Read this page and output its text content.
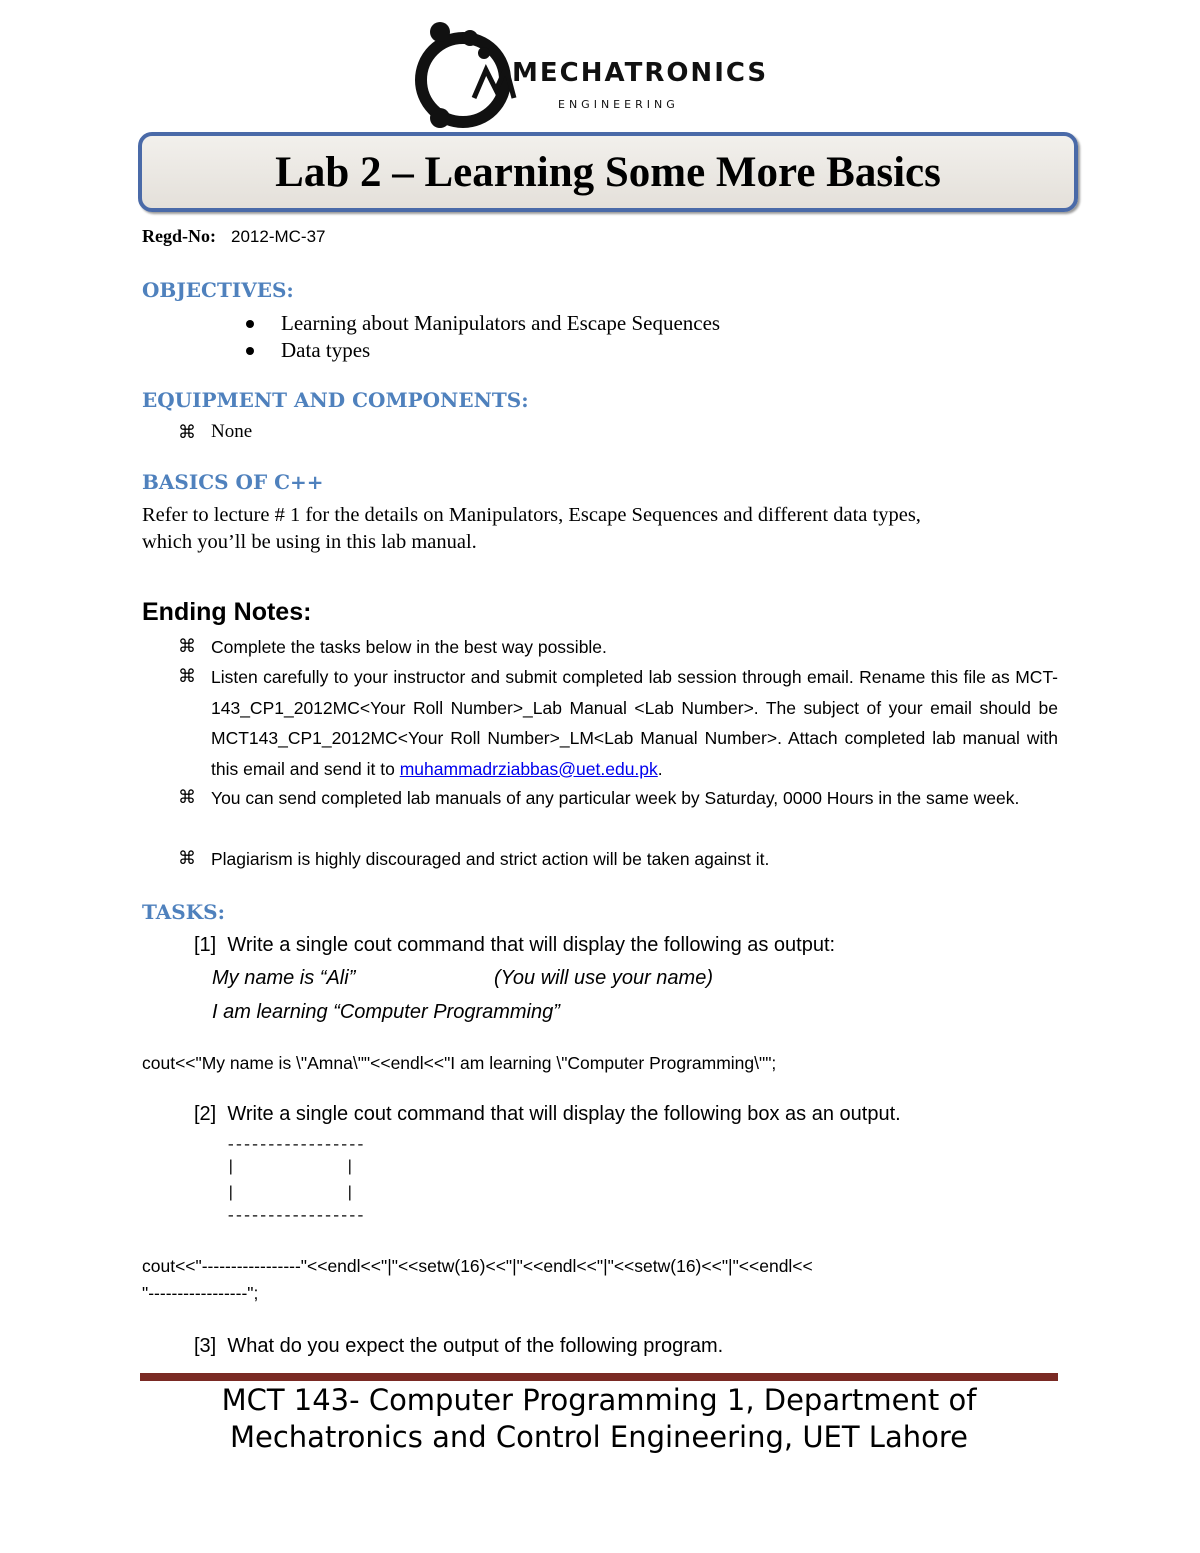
MECHATRONICS
ENGINEERING
Lab 2 – Learning Some More Basics
Regd-No: 2012-MC-37
OBJECTIVES:
Learning about Manipulators and Escape Sequences
Data types
EQUIPMENT AND COMPONENTS:
⌘ None
BASICS OF C++
Refer to lecture # 1 for the details on Manipulators, Escape Sequences and different data types,
which you’ll be using in this lab manual.
Ending Notes:
⌘ Complete the tasks below in the best way possible.
⌘ Listen carefully to your instructor and submit completed lab session through email. Rename this file as MCT-143_CP1_2012MC<Your Roll Number>_Lab Manual <Lab Number>. The subject of your email should be MCT143_CP1_2012MC<Your Roll Number>_LM<Lab Manual Number>. Attach completed lab manual with this email and send it to muhammadrziabbas@uet.edu.pk.
⌘ You can send completed lab manuals of any particular week by Saturday, 0000 Hours in the same week.
⌘ Plagiarism is highly discouraged and strict action will be taken against it.
TASKS:
[1] Write a single cout command that will display the following as output:
My name is “Ali”	(You will use your name)
I am learning “Computer Programming”
cout<<"My name is \"Amna\""<<endl<<"I am learning \"Computer Programming\"";
[2] Write a single cout command that will display the following box as an output.
-----------------
|	|
|	|
-----------------
cout<<"-----------------"<<endl<<"|"<<setw(16)<<"|"<<endl<<"|"<<setw(16)<<"|"<<endl<<
"-----------------";
[3] What do you expect the output of the following program.
MCT 143- Computer Programming 1, Department of
Mechatronics and Control Engineering, UET Lahore
